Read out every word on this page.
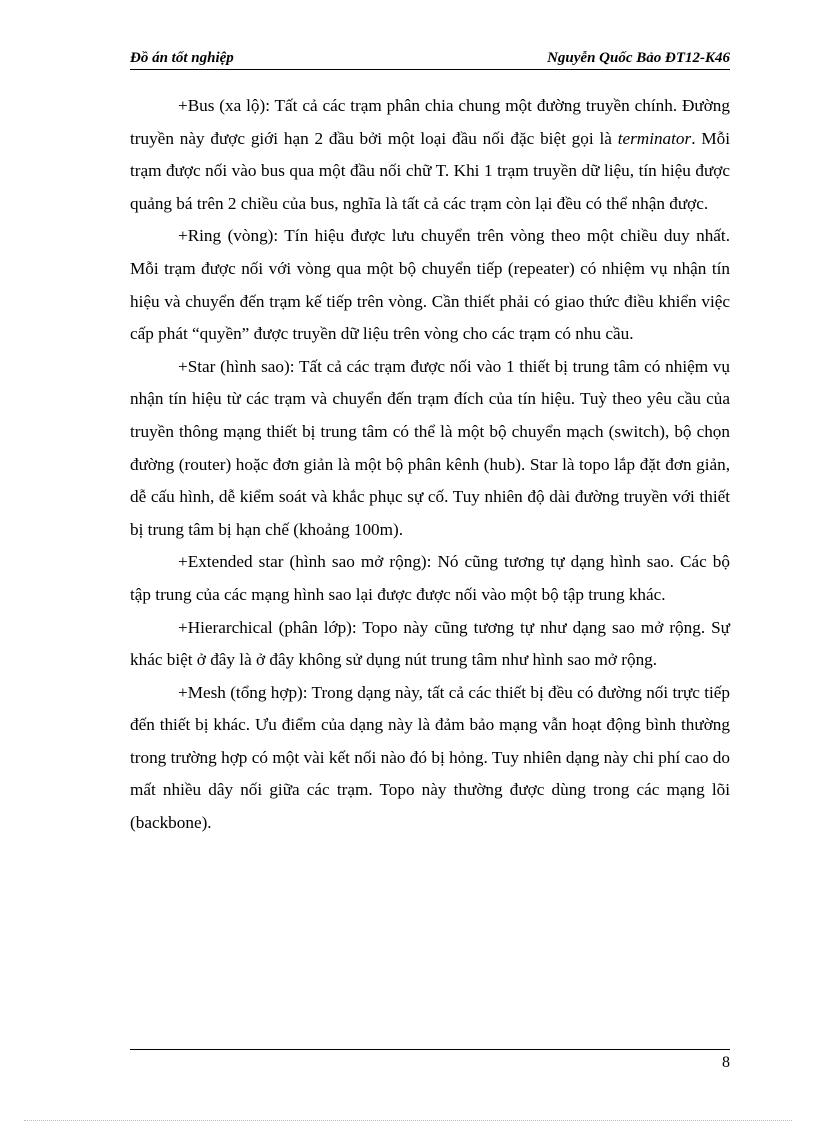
Đồ án tốt nghiệp	Nguyễn Quốc Bảo ĐT12-K46

+Bus (xa lộ): Tất cả các trạm phân chia chung một đường truyền chính. Đường truyền này được giới hạn 2 đầu bởi một loại đầu nối đặc biệt gọi là terminator. Mỗi trạm được nối vào bus qua một đầu nối chữ T. Khi 1 trạm truyền dữ liệu, tín hiệu được quảng bá trên 2 chiều của bus, nghĩa là tất cả các trạm còn lại đều có thể nhận được.

+Ring (vòng): Tín hiệu được lưu chuyển trên vòng theo một chiều duy nhất. Mỗi trạm được nối với vòng qua một bộ chuyển tiếp (repeater) có nhiệm vụ nhận tín hiệu và chuyển đến trạm kế tiếp trên vòng. Cần thiết phải có giao thức điều khiển việc cấp phát “quyền” được truyền dữ liệu trên vòng cho các trạm có nhu cầu.

+Star (hình sao): Tất cả các trạm được nối vào 1 thiết bị trung tâm có nhiệm vụ nhận tín hiệu từ các trạm và chuyển đến trạm đích của tín hiệu. Tuỳ theo yêu cầu của truyền thông mạng thiết bị trung tâm có thể là một bộ chuyển mạch (switch), bộ chọn đường (router) hoặc đơn giản là một bộ phân kênh (hub). Star là topo lắp đặt đơn giản, dễ cấu hình, dễ kiểm soát và khắc phục sự cố. Tuy nhiên độ dài đường truyền với thiết bị trung tâm bị hạn chế (khoảng 100m).

+Extended star (hình sao mở rộng): Nó cũng tương tự dạng hình sao. Các bộ tập trung của các mạng hình sao lại được được nối vào một bộ tập trung khác.

+Hierarchical (phân lớp): Topo này cũng tương tự như dạng sao mở rộng. Sự khác biệt ở đây là ở đây không sử dụng nút trung tâm như hình sao mở rộng.

+Mesh (tổng hợp): Trong dạng này, tất cả các thiết bị đều có đường nối trực tiếp đến thiết bị khác. Ưu điểm của dạng này là đảm bảo mạng vẫn hoạt động bình thường trong trường hợp có một vài kết nối nào đó bị hỏng. Tuy nhiên dạng này chi phí cao do mất nhiều dây nối giữa các trạm. Topo này thường được dùng trong các mạng lõi (backbone).

8
